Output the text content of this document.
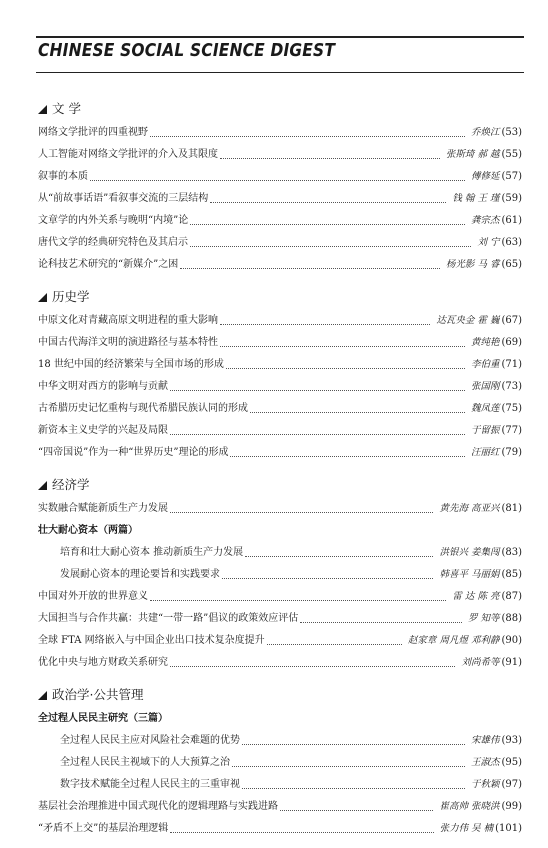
CHINESE SOCIAL SCIENCE DIGEST
文 学
网络文学批评的四重视野	乔焕江 (53)
人工智能对网络文学批评的介入及其限度	张斯琦 郝 越 (55)
叙事的本质	傅修延 (57)
从“前故事话语”看叙事交流的三层结构	钱 翰 王 瑾 (59)
文章学的内外关系与晚明“内境”论	龚宗杰 (61)
唐代文学的经典研究特色及其启示	刘 宁 (63)
论科技艺术研究的“新媒介”之困	杨光影 马 睿 (65)
历史学
中原文化对青藏高原文明进程的重大影响	达瓦央金 霍 巍 (67)
中国古代海洋文明的演进路径与基本特性	黄纯艳 (69)
18 世纪中国的经济繁荣与全国市场的形成	李伯重 (71)
中华文明对西方的影响与贡献	张国刚 (73)
古希腊历史记忆重构与现代希腊民族认同的形成	魏凤莲 (75)
新资本主义史学的兴起及局限	于留振 (77)
“四帝国说”作为一种“世界历史”理论的形成	汪丽红 (79)
经济学
实数融合赋能新质生产力发展	黄先海 高亚兴 (81)
壮大耐心资本（两篇）
培育和壮大耐心资本 推动新质生产力发展	洪银兴 姜集闯 (83)
发展耐心资本的理论要旨和实践要求	韩喜平 马丽娟 (85)
中国对外开放的世界意义	雷 达 陈 亮 (87)
大国担当与合作共赢：共建“一带一路”倡议的政策效应评估	罗 知等 (88)
全球 FTA 网络嵌入与中国企业出口技术复杂度提升	赵家章 周凡煜 邓利静 (90)
优化中央与地方财政关系研究	刘尚希等 (91)
政治学·公共管理
全过程人民民主研究（三篇）
全过程人民民主应对风险社会难题的优势	宋雄伟 (93)
全过程人民民主视域下的人大预算之治	王淑杰 (95)
数字技术赋能全过程人民民主的三重审视	于秋颖 (97)
基层社会治理推进中国式现代化的逻辑理路与实践进路	崔高帅 张晓洪 (99)
“矛盾不上交”的基层治理逻辑	张力伟 吴 楠 (101)
